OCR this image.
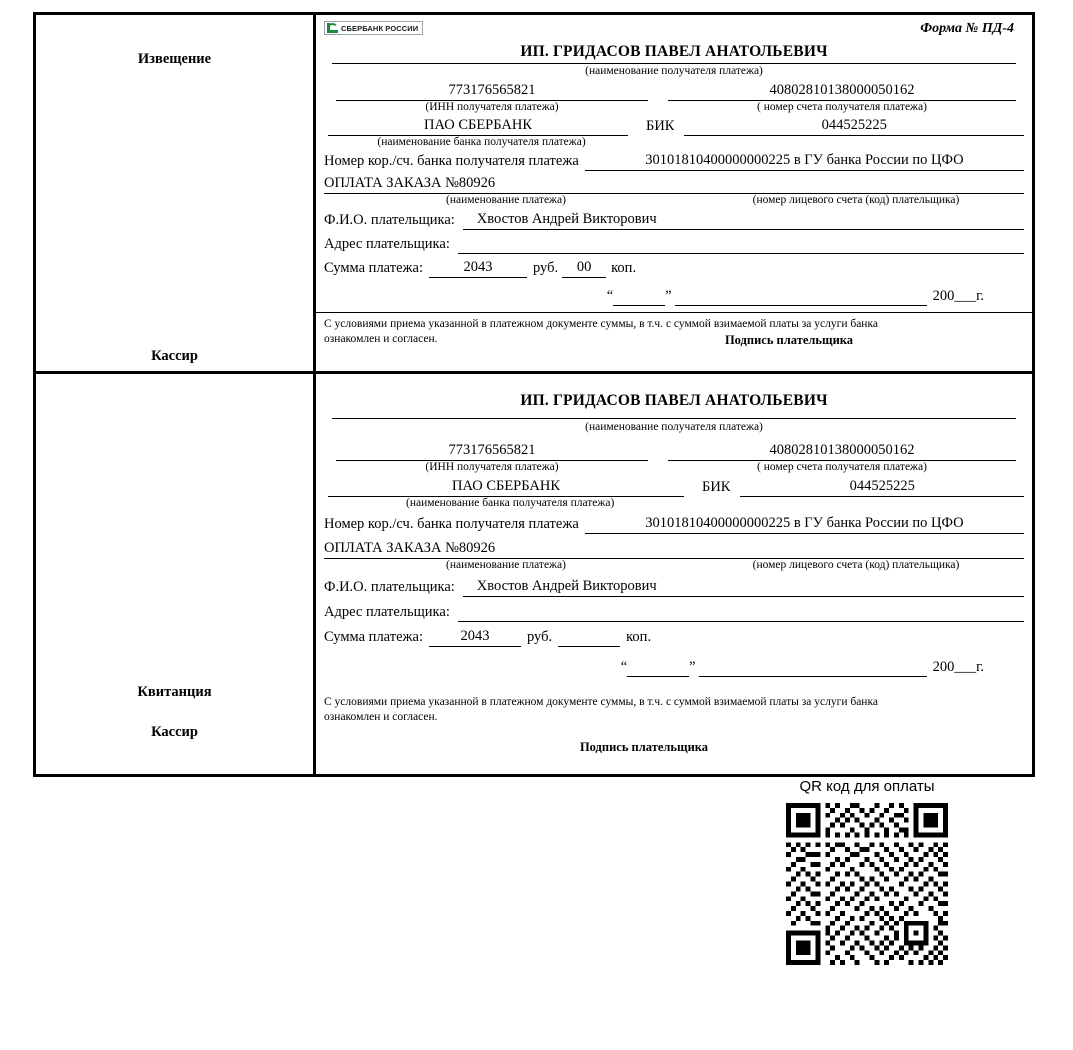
Извещение
Кассир
СБЕРБАНК РОССИИ	Форма № ПД-4
ИП. ГРИДАСОВ ПАВЕЛ АНАТОЛЬЕВИЧ
(наименование получателя платежа)
773176565821
(ИНН получателя платежа)
40802810138000050162
( номер счета получателя платежа)
ПАО СБЕРБАНК	БИК	044525225
(наименование банка получателя платежа)
Номер кор./сч. банка получателя платежа	30101810400000000225 в ГУ банка России по ЦФО
ОПЛАТА ЗАКАЗА №80926
(наименование платежа)	(номер лицевого счета (код) плательщика)
Ф.И.О. плательщика:	Хвостов Андрей Викторович
Адрес плательщика:
Сумма платежа:	2043	руб.	00	коп.
“	”	200___г.
С условиями приема указанной в платежном документе суммы, в т.ч. с суммой взимаемой платы за услуги банка
ознакомлен и согласен.	Подпись плательщика
Квитанция
Кассир
ИП. ГРИДАСОВ ПАВЕЛ АНАТОЛЬЕВИЧ
(наименование получателя платежа)
773176565821
(ИНН получателя платежа)
40802810138000050162
( номер счета получателя платежа)
ПАО СБЕРБАНК	БИК	044525225
(наименование банка получателя платежа)
Номер кор./сч. банка получателя платежа	30101810400000000225 в ГУ банка России по ЦФО
ОПЛАТА ЗАКАЗА №80926
(наименование платежа)	(номер лицевого счета (код) плательщика)
Ф.И.О. плательщика:	Хвостов Андрей Викторович
Адрес плательщика:
Сумма платежа:	2043	руб.	коп.
“	”	200___г.
С условиями приема указанной в платежном документе суммы, в т.ч. с суммой взимаемой платы за услуги банка
ознакомлен и согласен.
Подпись плательщика
QR код для оплаты
